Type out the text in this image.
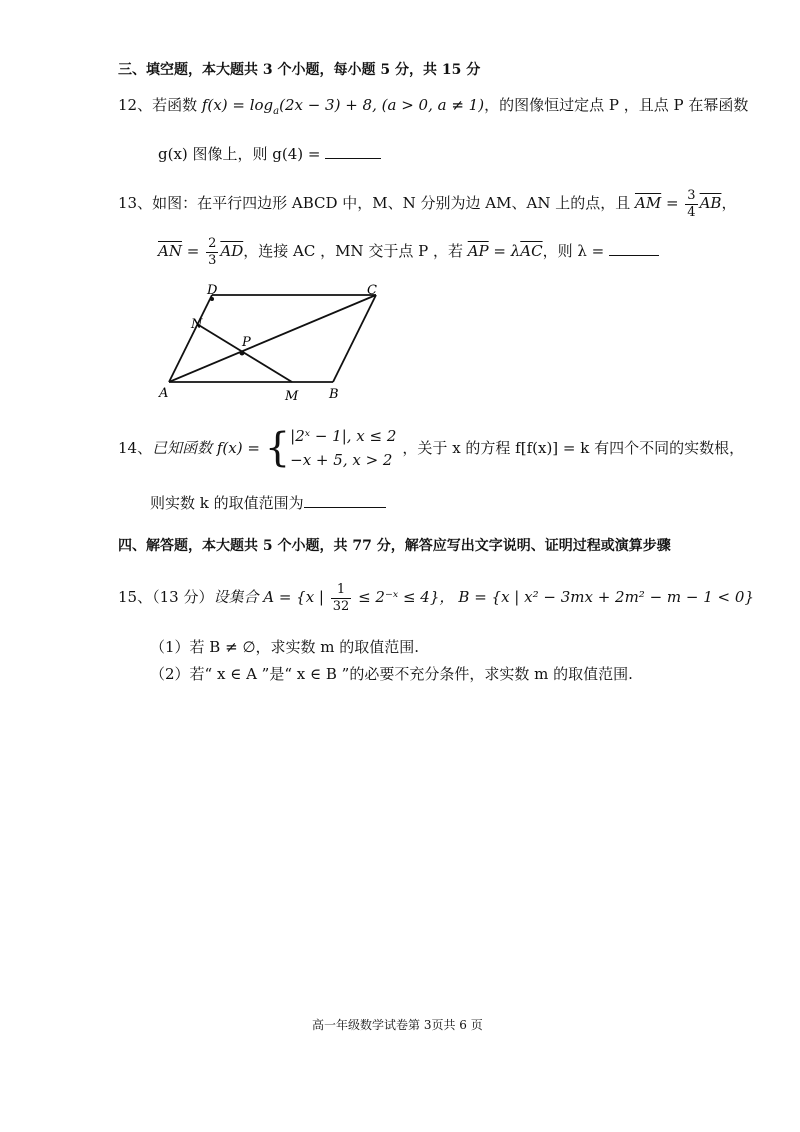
三、填空题，本大题共 3 个小题，每小题 5 分，共 15 分
12、若函数 $f(x) = \log_a(2x - 3) + 8$, (a > 0, a ≠ 1)，的图像恒过定点 P ，且点 P 在幂函数
g(x) 图像上，则 g(4) =
13、如图：在平行四边形 ABCD 中，M、N 分别为边 AM、AN 上的点，且 $\overline{AM} = \frac{3}{4} \overline{AB}$，
$\overline{AN} = \frac{2}{3} \overline{AD}$，连接 AC ，MN 交于点 P ，若 $\overline{AP} = \lambda\overline{AC}$，则 λ =
A	B
C
D
M
N
P
14、已知函数 f(x) = { |2ˣ − 1|, x ≤ 2
−x + 5, x > 2
，关于 x 的方程 f[f(x)] = k 有四个不同的实数根，
则实数 k 的取值范围为
四、解答题，本大题共 5 个小题，共 77 分，解答应写出文字说明、证明过程或演算步骤
15、（13 分）设集合 A = {x | $\frac{1}{32}$ ≤ 2⁻ˣ ≤ 4}， B = {x | x² − 3mx + 2m² − m − 1 < 0}
（1）若 B ≠ ∅，求实数 m 的取值范围.
（2）若“ x ∈ A ”是“ x ∈ B ”的必要不充分条件，求实数 m 的取值范围.
高一年级数学试卷第 3页共 6 页
